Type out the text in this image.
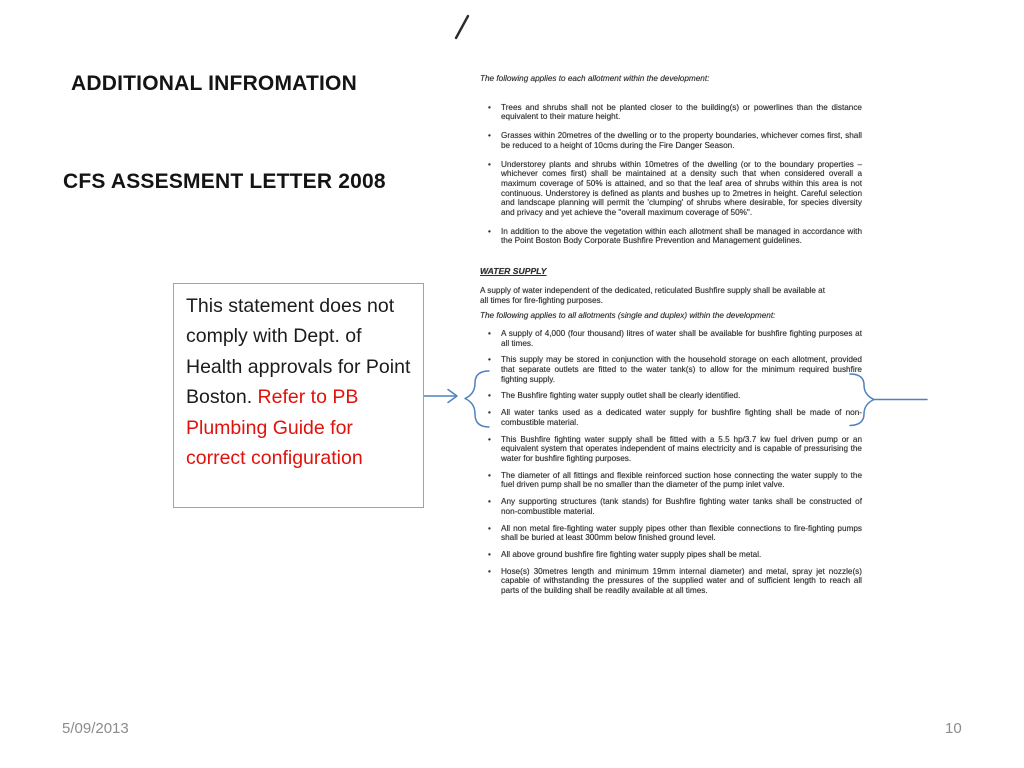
ADDITIONAL INFROMATION
CFS ASSESMENT LETTER 2008
This statement does not comply with Dept. of Health approvals for Point Boston. Refer to PB Plumbing Guide for correct configuration

The following applies to each allotment within the development:

• Trees and shrubs shall not be planted closer to the building(s) or powerlines than the distance equivalent to their mature height.
• Grasses within 20metres of the dwelling or to the property boundaries, whichever comes first, shall be reduced to a height of 10cms during the Fire Danger Season.
• Understorey plants and shrubs within 10metres of the dwelling (or to the boundary properties – whichever comes first) shall be maintained at a density such that when considered overall a maximum coverage of 50% is attained, and so that the leaf area of shrubs within this area is not continuous. Understorey is defined as plants and bushes up to 2metres in height. Careful selection and landscape planning will permit the 'clumping' of shrubs where desirable, for species diversity and privacy and yet achieve the "overall maximum coverage of 50%".
• In addition to the above the vegetation within each allotment shall be managed in accordance with the Point Boston Body Corporate Bushfire Prevention and Management guidelines.

WATER SUPPLY

A supply of water independent of the dedicated, reticulated Bushfire supply shall be available at all times for fire-fighting purposes.

The following applies to all allotments (single and duplex) within the development:

• A supply of 4,000 (four thousand) litres of water shall be available for bushfire fighting purposes at all times.
• This supply may be stored in conjunction with the household storage on each allotment, provided that separate outlets are fitted to the water tank(s) to allow for the minimum required bushfire fighting supply.
• The Bushfire fighting water supply outlet shall be clearly identified.
• All water tanks used as a dedicated water supply for bushfire fighting shall be made of non-combustible material.
• This Bushfire fighting water supply shall be fitted with a 5.5 hp/3.7 kw fuel driven pump or an equivalent system that operates independent of mains electricity and is capable of pressurising the water for bushfire fighting purposes.
• The diameter of all fittings and flexible reinforced suction hose connecting the water supply to the fuel driven pump shall be no smaller than the diameter of the pump inlet valve.
• Any supporting structures (tank stands) for Bushfire fighting water tanks shall be constructed of non-combustible material.
• All non metal fire-fighting water supply pipes other than flexible connections to fire-fighting pumps shall be buried at least 300mm below finished ground level.
• All above ground bushfire fire fighting water supply pipes shall be metal.
• Hose(s) 30metres length and minimum 19mm internal diameter) and metal, spray jet nozzle(s) capable of withstanding the pressures of the supplied water and of sufficient length to reach all parts of the building shall be readily available at all times.
5/09/2013	10
